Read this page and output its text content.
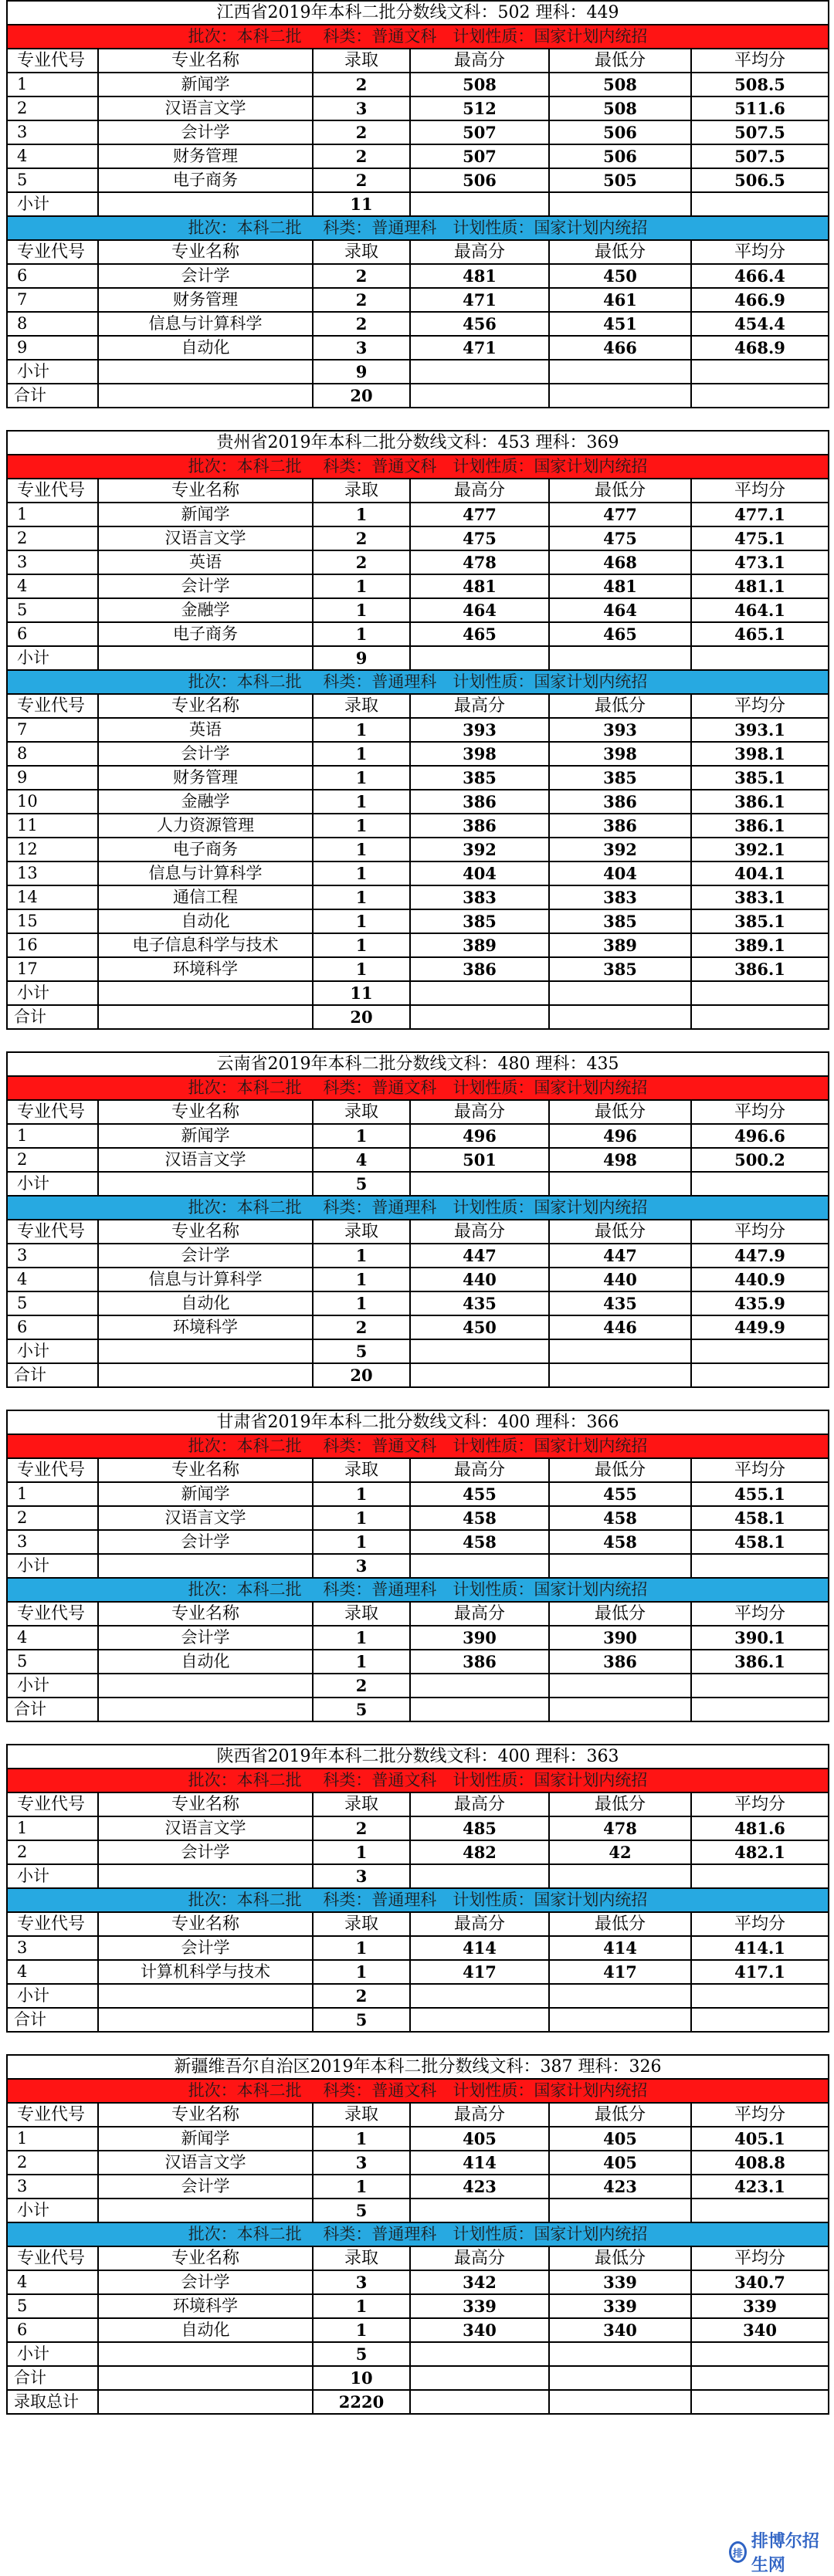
江西省2019年本科二批分数线文科：502 理科：449					
批次：本科二批　 科类：普通文科　计划性质：国家计划内统招					
专业代号	专业名称	录取	最高分	最低分	平均分
1	新闻学	2	508	508	508.5
2	汉语言文学	3	512	508	511.6
3	会计学	2	507	506	507.5
4	财务管理	2	507	506	507.5
5	电子商务	2	506	505	506.5
小计		11			
批次：本科二批　 科类：普通理科　计划性质：国家计划内统招					
专业代号	专业名称	录取	最高分	最低分	平均分
6	会计学	2	481	450	466.4
7	财务管理	2	471	461	466.9
8	信息与计算科学	2	456	451	454.4
9	自动化	3	471	466	468.9
小计		9			
合计		20			
贵州省2019年本科二批分数线文科：453 理科：369					
批次：本科二批　 科类：普通文科　计划性质：国家计划内统招					
专业代号	专业名称	录取	最高分	最低分	平均分
1	新闻学	1	477	477	477.1
2	汉语言文学	2	475	475	475.1
3	英语	2	478	468	473.1
4	会计学	1	481	481	481.1
5	金融学	1	464	464	464.1
6	电子商务	1	465	465	465.1
小计		9			
批次：本科二批　 科类：普通理科　计划性质：国家计划内统招					
专业代号	专业名称	录取	最高分	最低分	平均分
7	英语	1	393	393	393.1
8	会计学	1	398	398	398.1
9	财务管理	1	385	385	385.1
10	金融学	1	386	386	386.1
11	人力资源管理	1	386	386	386.1
12	电子商务	1	392	392	392.1
13	信息与计算科学	1	404	404	404.1
14	通信工程	1	383	383	383.1
15	自动化	1	385	385	385.1
16	电子信息科学与技术	1	389	389	389.1
17	环境科学	1	386	385	386.1
小计		11			
合计		20			
云南省2019年本科二批分数线文科：480 理科：435					
批次：本科二批　 科类：普通文科　计划性质：国家计划内统招					
专业代号	专业名称	录取	最高分	最低分	平均分
1	新闻学	1	496	496	496.6
2	汉语言文学	4	501	498	500.2
小计		5			
批次：本科二批　 科类：普通理科　计划性质：国家计划内统招					
专业代号	专业名称	录取	最高分	最低分	平均分
3	会计学	1	447	447	447.9
4	信息与计算科学	1	440	440	440.9
5	自动化	1	435	435	435.9
6	环境科学	2	450	446	449.9
小计		5			
合计		20			
甘肃省2019年本科二批分数线文科：400 理科：366					
批次：本科二批　 科类：普通文科　计划性质：国家计划内统招					
专业代号	专业名称	录取	最高分	最低分	平均分
1	新闻学	1	455	455	455.1
2	汉语言文学	1	458	458	458.1
3	会计学	1	458	458	458.1
小计		3			
批次：本科二批　 科类：普通理科　计划性质：国家计划内统招					
专业代号	专业名称	录取	最高分	最低分	平均分
4	会计学	1	390	390	390.1
5	自动化	1	386	386	386.1
小计		2			
合计		5			
陕西省2019年本科二批分数线文科：400 理科：363					
批次：本科二批　 科类：普通文科　计划性质：国家计划内统招					
专业代号	专业名称	录取	最高分	最低分	平均分
1	汉语言文学	2	485	478	481.6
2	会计学	1	482	42	482.1
小计		3			
批次：本科二批　 科类：普通理科　计划性质：国家计划内统招					
专业代号	专业名称	录取	最高分	最低分	平均分
3	会计学	1	414	414	414.1
4	计算机科学与技术	1	417	417	417.1
小计		2			
合计		5			
新疆维吾尔自治区2019年本科二批分数线文科：387 理科：326					
批次：本科二批　 科类：普通文科　计划性质：国家计划内统招					
专业代号	专业名称	录取	最高分	最低分	平均分
1	新闻学	1	405	405	405.1
2	汉语言文学	3	414	405	408.8
3	会计学	1	423	423	423.1
小计		5			
批次：本科二批　 科类：普通理科　计划性质：国家计划内统招					
专业代号	专业名称	录取	最高分	最低分	平均分
4	会计学	3	342	339	340.7
5	环境科学	1	339	339	339
6	自动化	1	340	340	340
小计		5			
合计		10			
录取总计		2220			
排
排博尔招生网
